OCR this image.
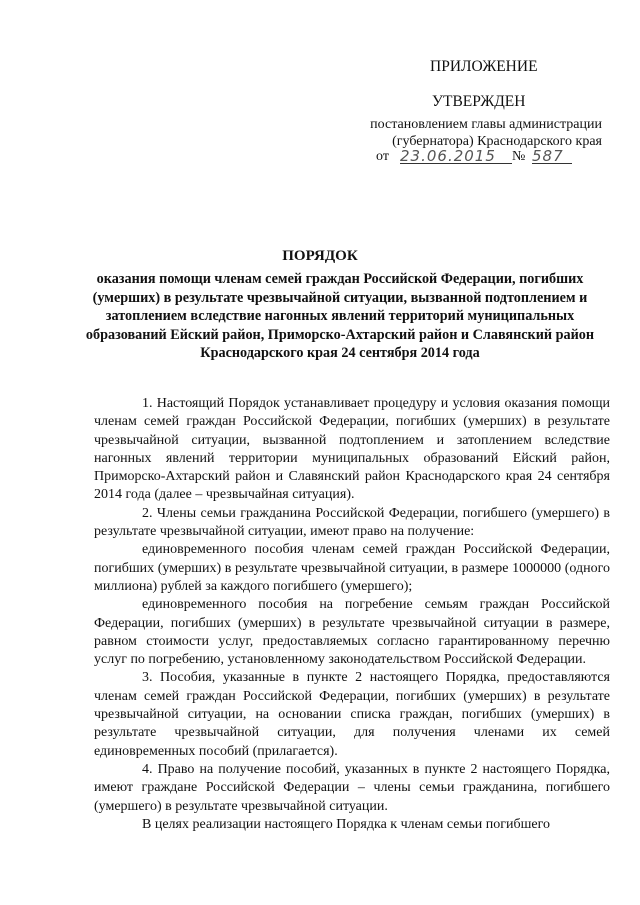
ПРИЛОЖЕНИЕ
УТВЕРЖДЕН
постановлением главы администрации
(губернатора) Краснодарского края
от 23.06.2015	№ 587
ПОРЯДОК
оказания помощи членам семей граждан Российской Федерации, погибших (умерших) в результате чрезвычайной ситуации, вызванной подтоплением и затоплением вследствие нагонных явлений территорий муниципальных образований Ейский район, Приморско-Ахтарский район и Славянский район Краснодарского края 24 сентября 2014 года

1. Настоящий Порядок устанавливает процедуру и условия оказания помощи членам семей граждан Российской Федерации, погибших (умерших) в результате чрезвычайной ситуации, вызванной подтоплением и затоплением вследствие нагонных явлений территории муниципальных образований Ейский район, Приморско-Ахтарский район и Славянский район Краснодарского края 24 сентября 2014 года (далее – чрезвычайная ситуация).

2. Члены семьи гражданина Российской Федерации, погибшего (умершего) в результате чрезвычайной ситуации, имеют право на получение:

единовременного пособия членам семей граждан Российской Федерации, погибших (умерших) в результате чрезвычайной ситуации, в размере 1000000 (одного миллиона) рублей за каждого погибшего (умершего);

единовременного пособия на погребение семьям граждан Российской Федерации, погибших (умерших) в результате чрезвычайной ситуации в размере, равном стоимости услуг, предоставляемых согласно гарантированному перечню услуг по погребению, установленному законодательством Российской Федерации.

3. Пособия, указанные в пункте 2 настоящего Порядка, предоставляются членам семей граждан Российской Федерации, погибших (умерших) в результате чрезвычайной ситуации, на основании списка граждан, погибших (умерших) в результате чрезвычайной ситуации, для получения членами их семей единовременных пособий (прилагается).

4. Право на получение пособий, указанных в пункте 2 настоящего Порядка, имеют граждане Российской Федерации – члены семьи гражданина, погибшего (умершего) в результате чрезвычайной ситуации.

В целях реализации настоящего Порядка к членам семьи погибшего
